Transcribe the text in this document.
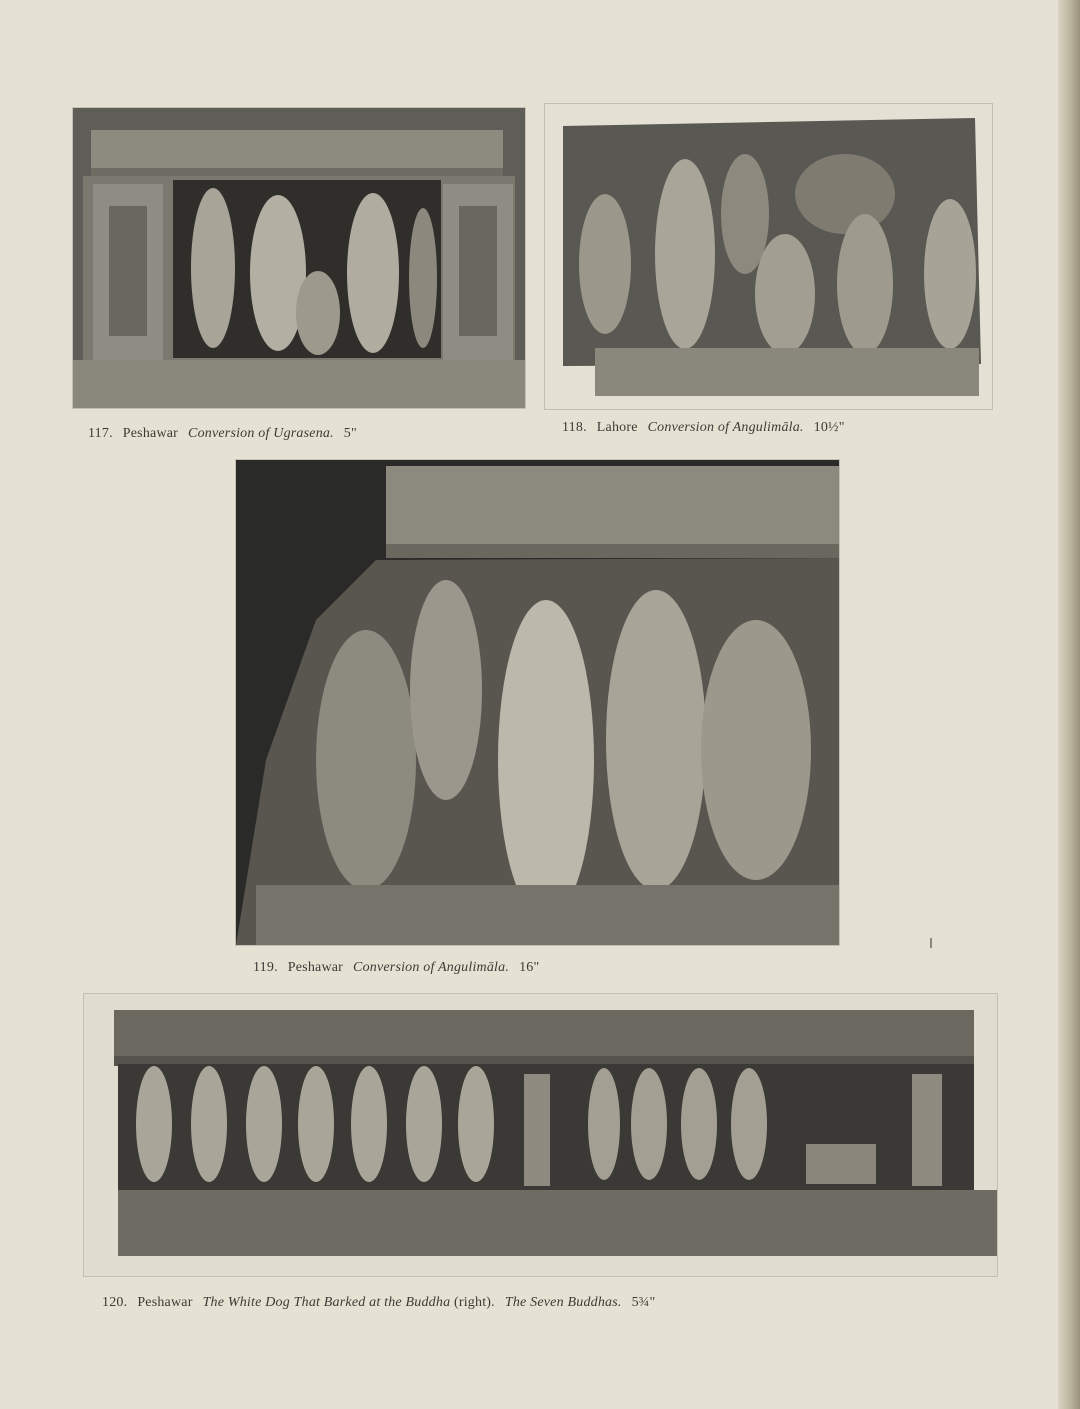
117. Peshawar Conversion of Ugrasena. 5"	118. Lahore Conversion of Angulimāla. 10½"
119. Peshawar Conversion of Angulimāla. 16"
120. Peshawar The White Dog That Barked at the Buddha (right). The Seven Buddhas. 5¾"
